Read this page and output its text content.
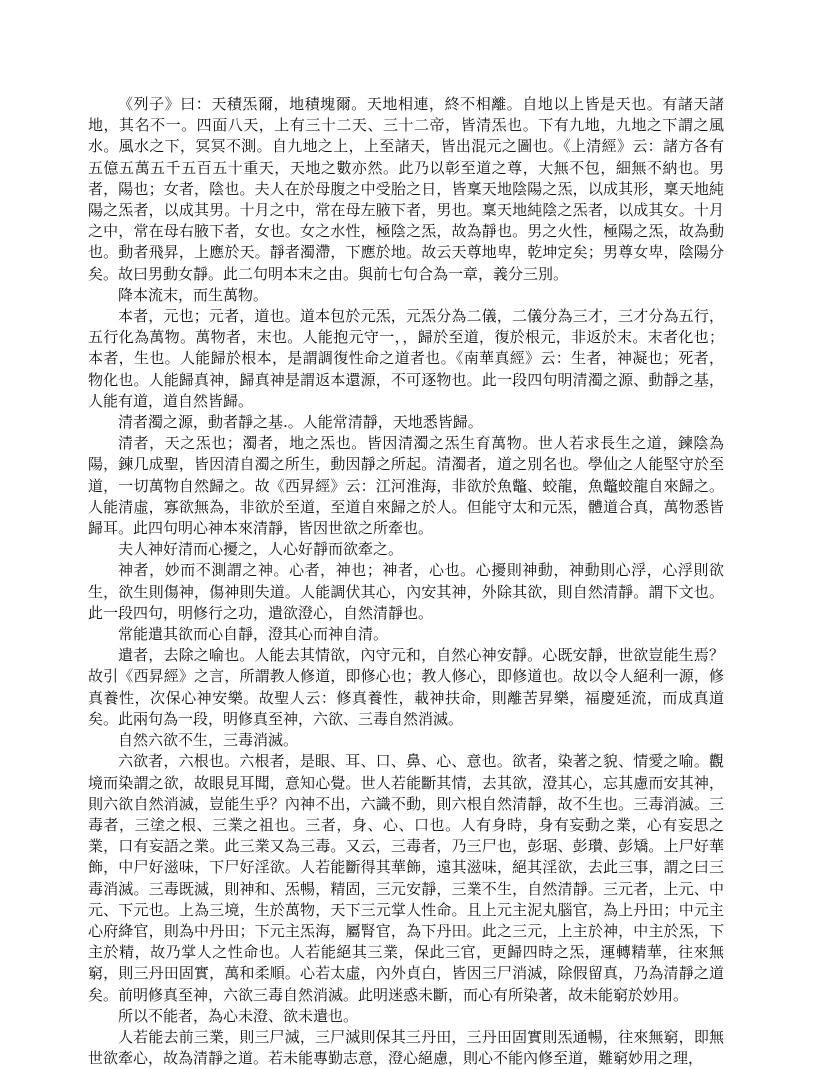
《列子》曰：天積炁爾，地積塊爾。天地相連，終不相離。自地以上皆是天也。有諸天諸地，其名不一。四面八天，上有三十二天、三十二帝，皆清炁也。下有九地，九地之下謂之風水。風水之下，冥冥不測。自九地之上，上至諸天，皆出混元之圖也。《上清經》云：諸方各有五億五萬五千五百五十重天，天地之數亦然。此乃以彰至道之尊，大無不包，細無不納也。男者，陽也；女者，陰也。夫人在於母腹之中受胎之日，皆稟天地陰陽之炁，以成其形，稟天地純陽之炁者，以成其男。十月之中，常在母左腋下者，男也。稟天地純陰之炁者，以成其女。十月之中，常在母右腋下者，女也。女之水性，極陰之炁，故為靜也。男之火性，極陽之炁，故為動也。動者飛昇，上應於天。靜者濁滯，下應於地。故云天尊地卑，乾坤定矣；男尊女卑，陰陽分矣。故曰男動女靜。此二句明本末之由。與前七句合為一章，義分三別。

降本流末，而生萬物。

本者，元也；元者，道也。道本包於元炁，元炁分為二儀，二儀分為三才，三才分為五行，五行化為萬物。萬物者，末也。人能抱元守一，，歸於至道，復於根元，非返於末。末者化也；本者，生也。人能歸於根本，是謂調復性命之道者也。《南華真經》云：生者，神凝也；死者，物化也。人能歸真神，歸真神是謂返本還源，不可逐物也。此一段四句明清濁之源、動靜之基，人能有道，道自然皆歸。

清者濁之源，動者靜之基.。人能常清靜，天地悉皆歸。

清者，天之炁也；濁者，地之炁也。皆因清濁之炁生育萬物。世人若求長生之道，鍊陰為陽，鍊几成聖，皆因清自濁之所生，動因靜之所起。清濁者，道之別名也。學仙之人能堅守於至道，一切萬物自然歸之。故《西昇經》云：江河淮海，非欲於魚鼈、蛟龍，魚鼈蛟龍自來歸之。人能清虛，寡欲無為，非欲於至道，至道自來歸之於人。但能守太和元炁，體道合真，萬物悉皆歸耳。此四句明心神本來清靜，皆因世欲之所牽也。

夫人神好清而心擾之，人心好靜而欲牽之。

神者，妙而不測謂之神。心者，神也；神者，心也。心擾則神動，神動則心浮，心浮則欲生，欲生則傷神，傷神則失道。人能調伏其心，內安其神，外除其欲，則自然清靜。謂下文也。此一段四句，明修行之功，遣欲澄心，自然清靜也。

常能遣其欲而心自靜，澄其心而神自清。

遣者，去除之喻也。人能去其情欲，內守元和，自然心神安靜。心既安靜，世欲豈能生焉？故引《西昇經》之言，所謂教人修道，即修心也；教人修心，即修道也。故以令人絕利一源，修真養性，次保心神安樂。故聖人云：修真養性，載神扶命，則離苦昇樂，福慶延流，而成真道矣。此兩句為一段，明修真至神，六欲、三毒自然消滅。

自然六欲不生，三毒消滅。

六欲者，六根也。六根者，是眼、耳、口、鼻、心、意也。欲者，染著之貌、情愛之喻。觀境而染謂之欲，故眼見耳聞，意知心覺。世人若能斷其情，去其欲，澄其心，忘其慮而安其神，則六欲自然消滅，豈能生乎？內神不出，六識不動，則六根自然清靜，故不生也。三毒消滅。三毒者，三塗之根、三業之祖也。三者，身、心、口也。人有身時，身有妄動之業，心有妄思之業，口有妄語之業。此三業又為三毒。又云，三毒者，乃三尸也，彭琚、彭瓚、彭矯。上尸好華飾，中尸好滋味，下尸好淫欲。人若能斷得其華飾，遠其滋味，絕其淫欲，去此三事，謂之曰三毒消滅。三毒既滅，則神和、炁暢，精固，三元安靜，三業不生，自然清靜。三元者，上元、中元、下元也。上為三境，生於萬物，天下三元掌人性命。且上元主泥丸腦官，為上丹田；中元主心府絳官，則為中丹田；下元主炁海，屬腎官，為下丹田。此之三元，上主於神，中主於炁，下主於精，故乃掌人之性命也。人若能絕其三業，保此三官，更歸四時之炁，運轉精華，往來無窮，則三丹田固實，萬和柔順。心若太虛，內外貞白，皆因三尸消滅，除假留真，乃為清靜之道矣。前明修真至神，六欲三毒自然消滅。此明迷惑未斷，而心有所染著，故未能窮於妙用。

所以不能者，為心未澄、欲未遣也。

人若能去前三業，則三尸滅，三尸滅則保其三丹田，三丹田固實則炁通暢，往來無窮，即無世欲牽心，故為清靜之道。若未能專勤志意，澄心絕慮，則心不能內修至道，難窮妙用之理，
